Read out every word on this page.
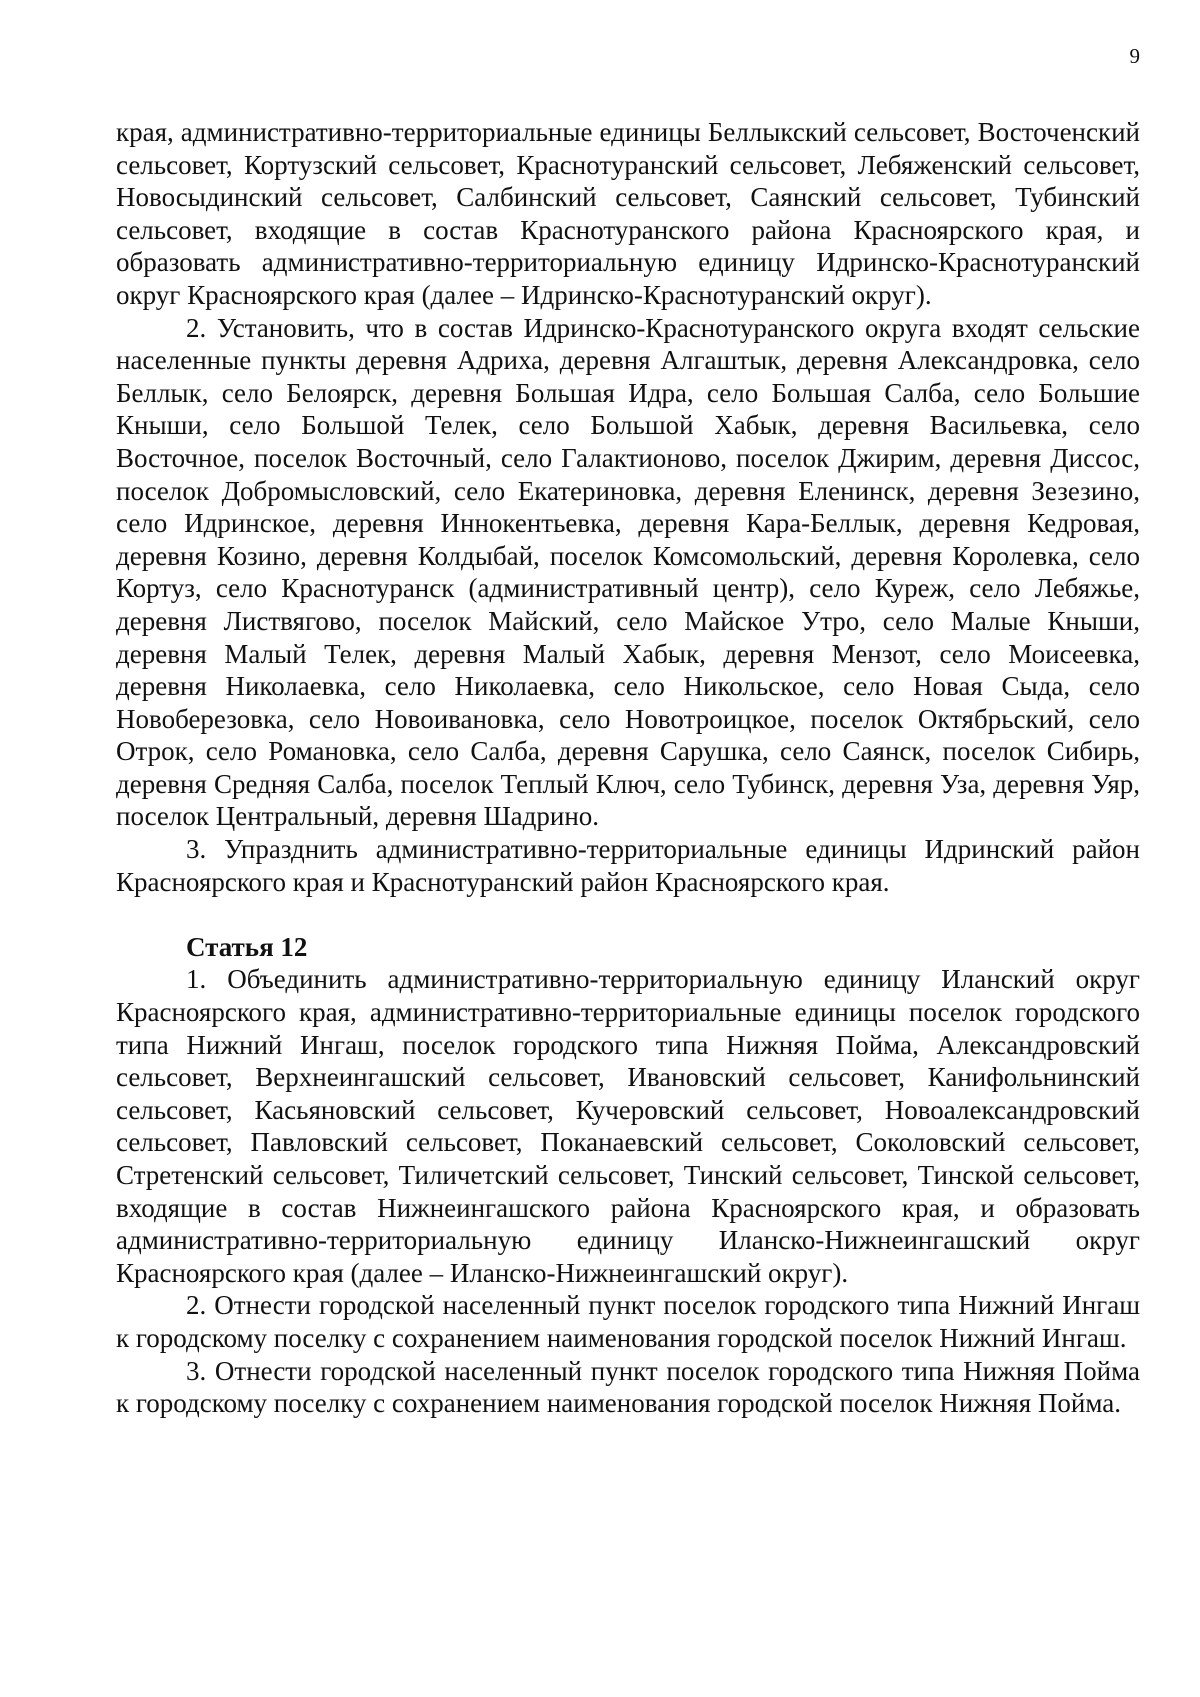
9

края, административно-территориальные единицы Беллыкский сельсовет, Восточенский сельсовет, Кортузский сельсовет, Краснотуранский сельсовет, Лебяженский сельсовет, Новосыдинский сельсовет, Салбинский сельсовет, Саянский сельсовет, Тубинский сельсовет, входящие в состав Краснотуранского района Красноярского края, и образовать административно-территориальную единицу Идринско-Краснотуранский округ Красноярского края (далее – Идринско-Краснотуранский округ).

2. Установить, что в состав Идринско-Краснотуранского округа входят сельские населенные пункты деревня Адриха, деревня Алгаштык, деревня Александровка, село Беллык, село Белоярск, деревня Большая Идра, село Большая Салба, село Большие Кныши, село Большой Телек, село Большой Хабык, деревня Васильевка, село Восточное, поселок Восточный, село Галактионово, поселок Джирим, деревня Диссос, поселок Добромысловский, село Екатериновка, деревня Еленинск, деревня Зезезино, село Идринское, деревня Иннокентьевка, деревня Кара-Беллык, деревня Кедровая, деревня Козино, деревня Колдыбай, поселок Комсомольский, деревня Королевка, село Кортуз, село Краснотуранск (административный центр), село Куреж, село Лебяжье, деревня Листвягово, поселок Майский, село Майское Утро, село Малые Кныши, деревня Малый Телек, деревня Малый Хабык, деревня Мензот, село Моисеевка, деревня Николаевка, село Николаевка, село Никольское, село Новая Сыда, село Новоберезовка, село Новоивановка, село Новотроицкое, поселок Октябрьский, село Отрок, село Романовка, село Салба, деревня Сарушка, село Саянск, поселок Сибирь, деревня Средняя Салба, поселок Теплый Ключ, село Тубинск, деревня Уза, деревня Уяр, поселок Центральный, деревня Шадрино.

3. Упразднить административно-территориальные единицы Идринский район Красноярского края и Краснотуранский район Красноярского края.

Статья 12

1. Объединить административно-территориальную единицу Иланский округ Красноярского края, административно-территориальные единицы поселок городского типа Нижний Ингаш, поселок городского типа Нижняя Пойма, Александровский сельсовет, Верхнеингашский сельсовет, Ивановский сельсовет, Канифольнинский сельсовет, Касьяновский сельсовет, Кучеровский сельсовет, Новоалександровский сельсовет, Павловский сельсовет, Поканаевский сельсовет, Соколовский сельсовет, Стретенский сельсовет, Тиличетский сельсовет, Тинский сельсовет, Тинской сельсовет, входящие в состав Нижнеингашского района Красноярского края, и образовать административно-территориальную единицу Иланско-Нижнеингашский округ Красноярского края (далее – Иланско-Нижнеингашский округ).

2. Отнести городской населенный пункт поселок городского типа Нижний Ингаш к городскому поселку с сохранением наименования городской поселок Нижний Ингаш.

3. Отнести городской населенный пункт поселок городского типа Нижняя Пойма к городскому поселку с сохранением наименования городской поселок Нижняя Пойма.
